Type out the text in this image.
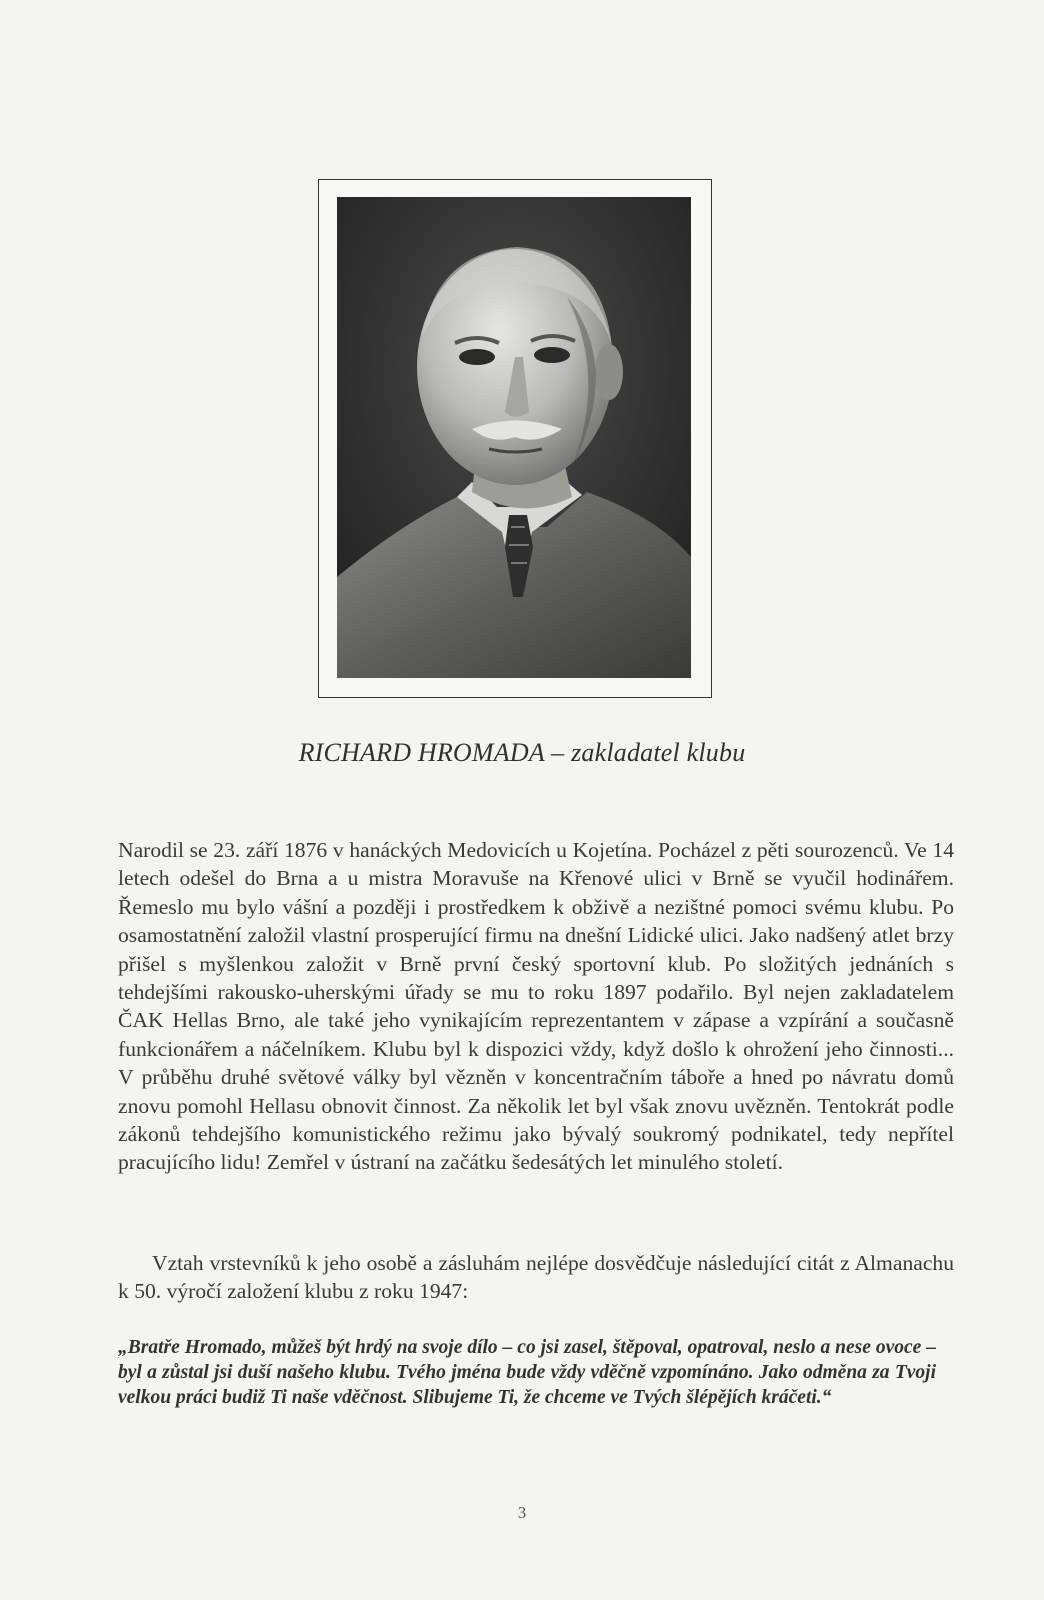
RICHARD HROMADA – zakladatel klubu

Narodil se 23. září 1876 v hanáckých Medovicích u Kojetína. Pocházel z pěti sourozenců. Ve 14 letech odešel do Brna a u mistra Moravuše na Křenové ulici v Brně se vyučil hodinářem. Řemeslo mu bylo vášní a později i prostředkem k obživě a nezištné pomoci svému klubu. Po osamostatnění založil vlastní prosperující firmu na dnešní Lidické ulici. Jako nadšený atlet brzy přišel s myšlenkou založit v Brně první český sportovní klub. Po složitých jednáních s tehdejšími rakousko-uherskými úřady se mu to roku 1897 podařilo. Byl nejen zakladatelem ČAK Hellas Brno, ale také jeho vynikajícím reprezentantem v zápase a vzpírání a současně funkcionářem a náčelníkem. Klubu byl k dispozici vždy, když došlo k ohrožení jeho činnosti... V průběhu druhé světové války byl vězněn v koncentračním táboře a hned po návratu domů znovu pomohl Hellasu obnovit činnost. Za několik let byl však znovu uvězněn. Tentokrát podle zákonů tehdejšího komunistického režimu jako bývalý soukromý podnikatel, tedy nepřítel pracujícího lidu! Zemřel v ústraní na začátku šedesátých let minulého století.

Vztah vrstevníků k jeho osobě a zásluhám nejlépe dosvědčuje následující citát z Almanachu k 50. výročí založení klubu z roku 1947:
„Bratře Hromado, můžeš být hrdý na svoje dílo – co jsi zasel, štěpoval, opatroval, neslo a nese ovoce – byl a zůstal jsi duší našeho klubu. Tvého jména bude vždy vděčně vzpomínáno. Jako odměna za Tvoji velkou práci budiž Ti naše vděčnost. Slibujeme Ti, že chceme ve Tvých šlépějích kráčeti.“
3
